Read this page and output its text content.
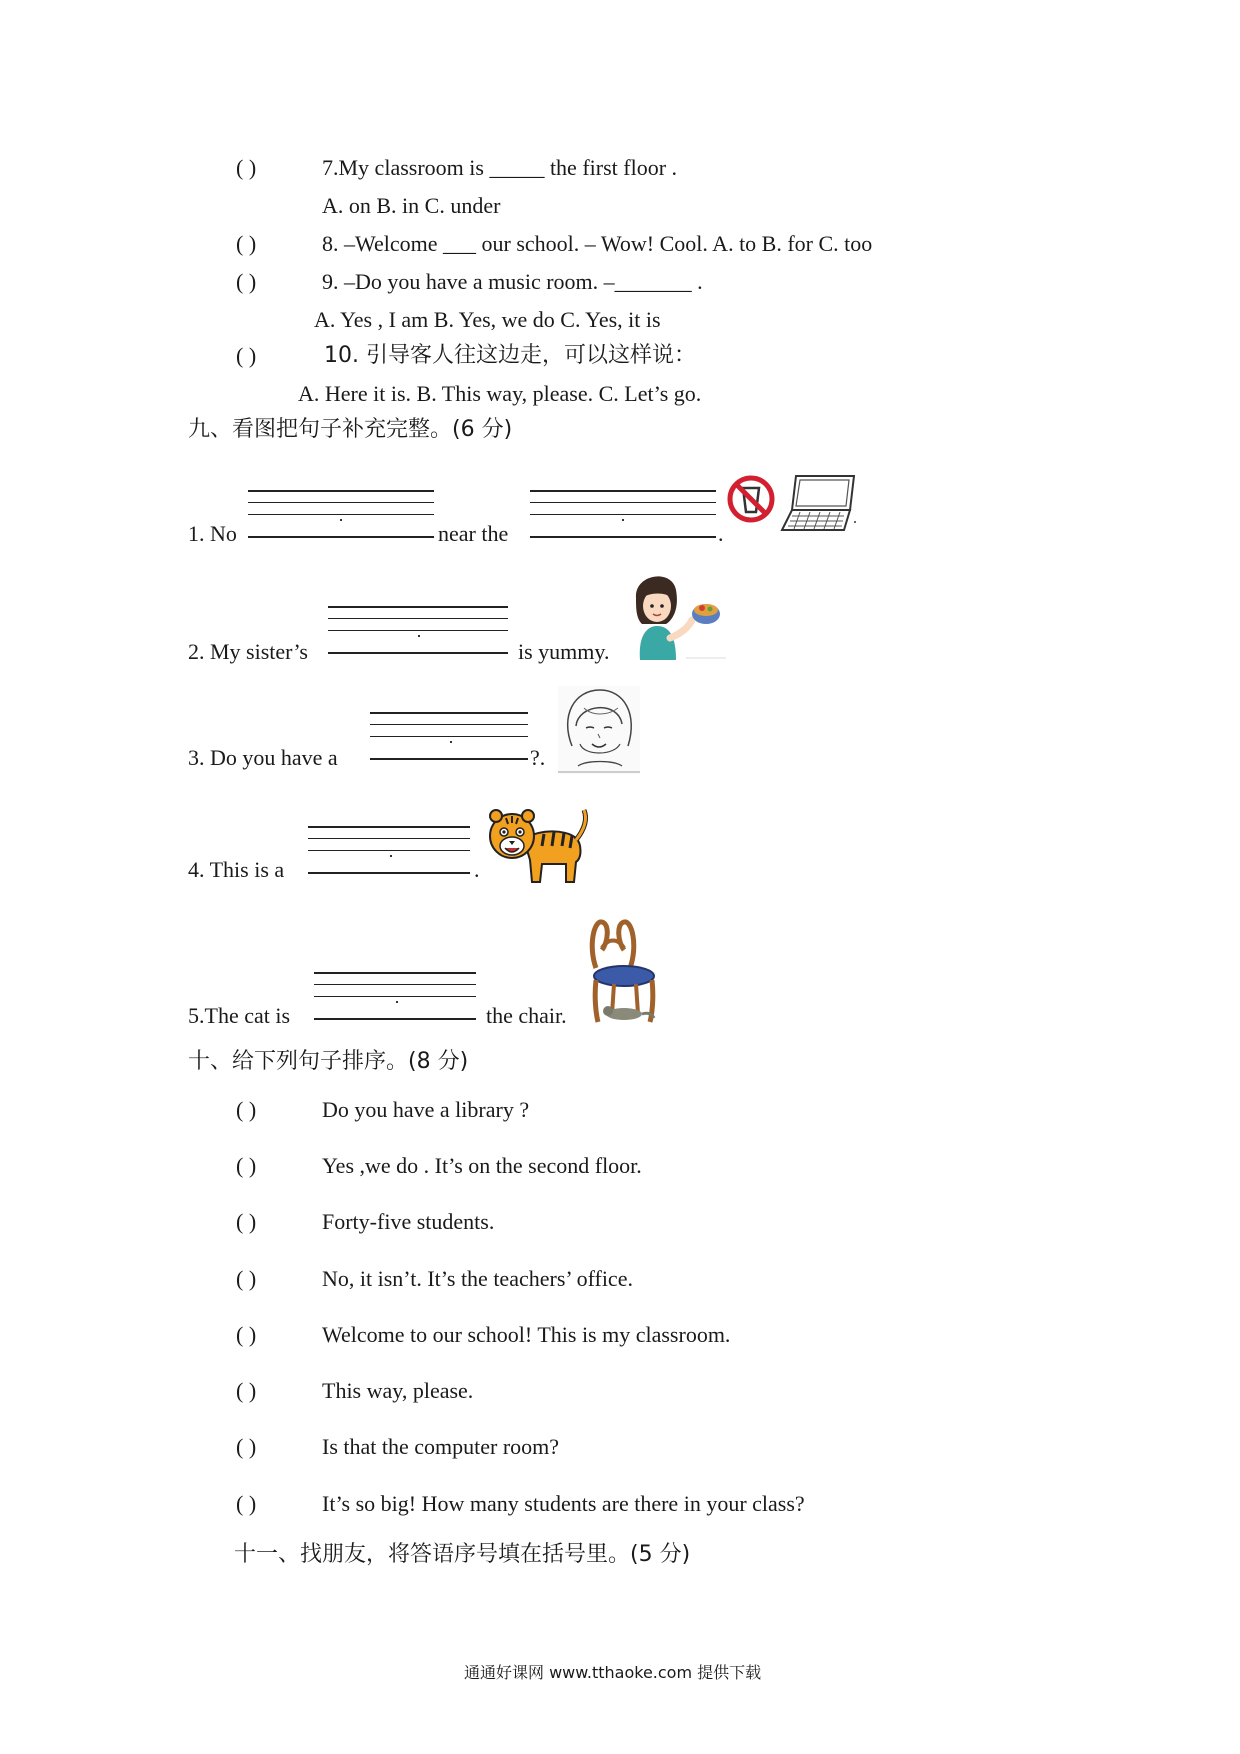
( )	7.My classroom is _____ the first floor .
A. on B. in C. under
( )	8. –Welcome ___ our school. – Wow! Cool. A. to B. for C. too
( )	9. –Do you have a music room. –_______ .
A. Yes , I am B. Yes, we do C. Yes, it is
( )	10. 引导客人往这边走，可以这样说：
A. Here it is. B. This way, please. C. Let’s go.
九、看图把句子补充完整。(6 分)
1. No	near the	.
2. My sister’s	is yummy.
3. Do you have a	?.
4. This is a	.
5.The cat is	the chair.
十、给下列句子排序。(8 分)
( )	Do you have a library ?
( )	Yes ,we do . It’s on the second floor.
( )	Forty-five students.
( )	No, it isn’t. It’s the teachers’ office.
( )	Welcome to our school! This is my classroom.
( )	This way, please.
( )	Is that the computer room?
( )	It’s so big! How many students are there in your class?
十一、找朋友，将答语序号填在括号里。(5 分)
通通好课网 www.tthaoke.com 提供下载
